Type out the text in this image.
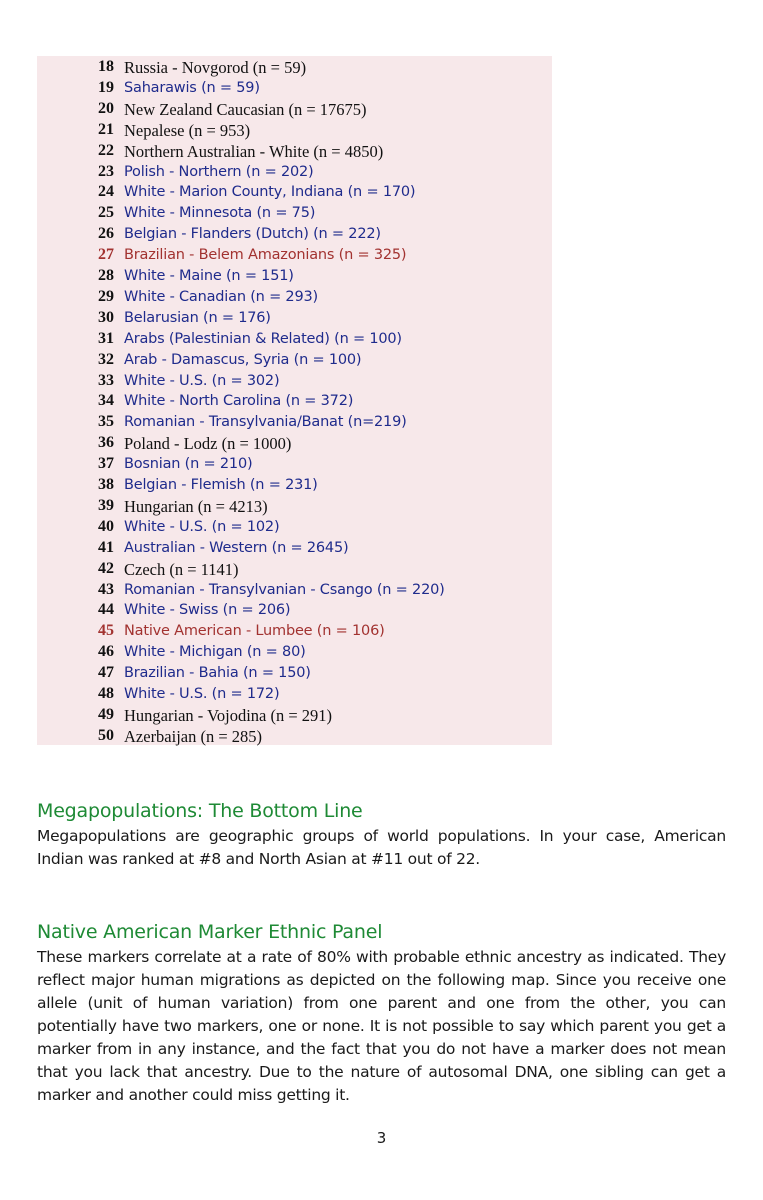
18 Russia - Novgorod (n = 59)
19 Saharawis (n = 59)
20 New Zealand Caucasian (n = 17675)
21 Nepalese (n = 953)
22 Northern Australian - White (n = 4850)
23 Polish - Northern (n = 202)
24 White - Marion County, Indiana (n = 170)
25 White - Minnesota (n = 75)
26 Belgian - Flanders (Dutch) (n = 222)
27 Brazilian - Belem Amazonians (n = 325)
28 White - Maine (n = 151)
29 White - Canadian (n = 293)
30 Belarusian (n = 176)
31 Arabs (Palestinian & Related) (n = 100)
32 Arab - Damascus, Syria (n = 100)
33 White - U.S. (n = 302)
34 White - North Carolina (n = 372)
35 Romanian - Transylvania/Banat (n=219)
36 Poland - Lodz (n = 1000)
37 Bosnian (n = 210)
38 Belgian - Flemish (n = 231)
39 Hungarian (n = 4213)
40 White - U.S. (n = 102)
41 Australian - Western (n = 2645)
42 Czech (n = 1141)
43 Romanian - Transylvanian - Csango (n = 220)
44 White - Swiss (n = 206)
45 Native American - Lumbee (n = 106)
46 White - Michigan (n = 80)
47 Brazilian - Bahia (n = 150)
48 White - U.S. (n = 172)
49 Hungarian - Vojodina (n = 291)
50 Azerbaijan (n = 285)
Megapopulations: The Bottom Line

Megapopulations are geographic groups of world populations. In your case, American Indian was ranked at #8 and North Asian at #11 out of 22.

Native American Marker Ethnic Panel

These markers correlate at a rate of 80% with probable ethnic ancestry as indicated. They reflect major human migrations as depicted on the following map. Since you receive one allele (unit of human variation) from one parent and one from the other, you can potentially have two markers, one or none. It is not possible to say which parent you get a marker from in any instance, and the fact that you do not have a marker does not mean that you lack that ancestry. Due to the nature of autosomal DNA, one sibling can get a marker and another could miss getting it.

3
